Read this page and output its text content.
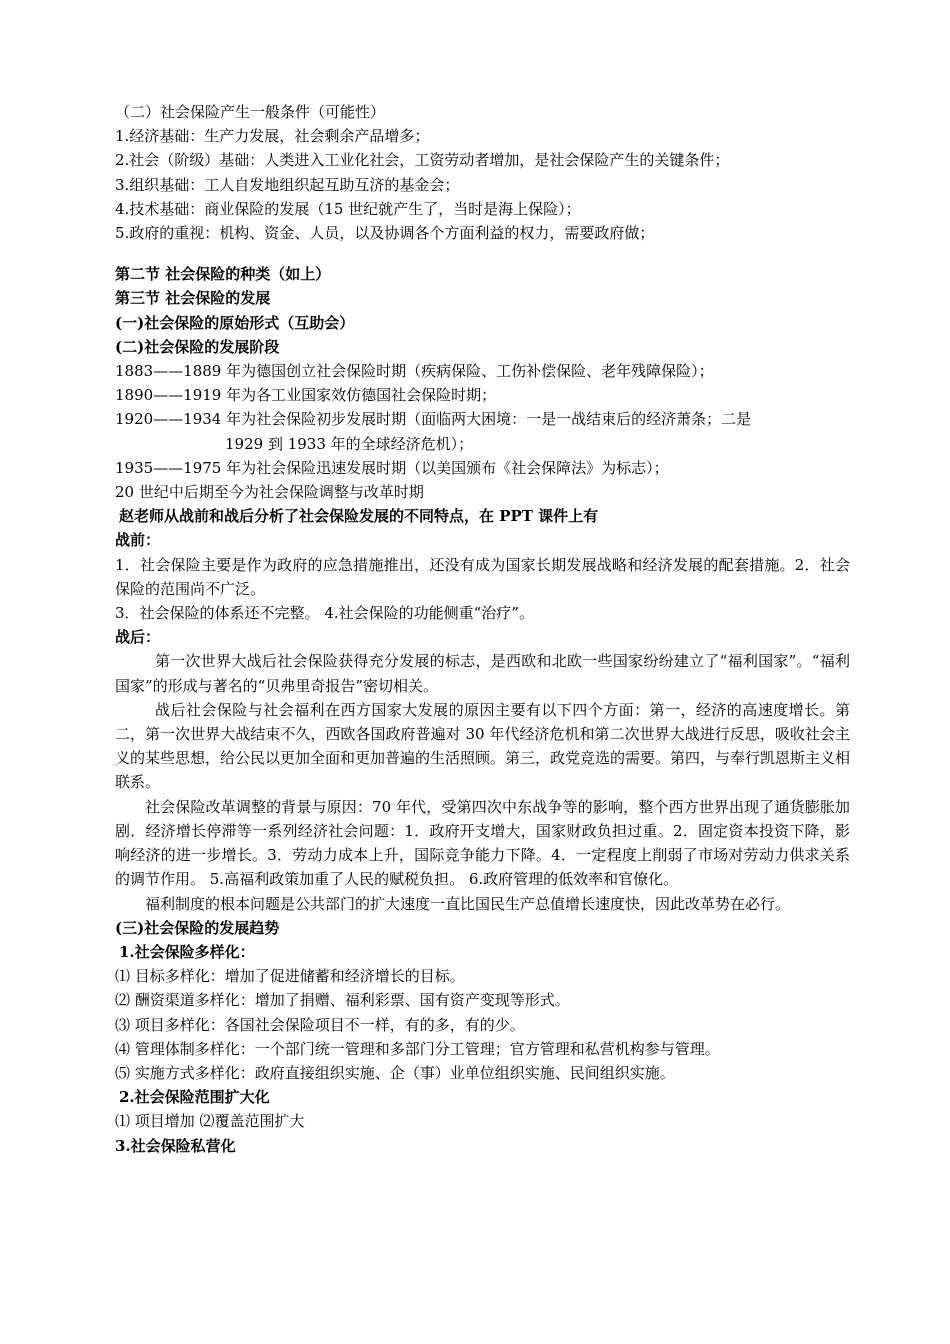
（二）社会保险产生一般条件（可能性）

1.经济基础：生产力发展，社会剩余产品增多；

2.社会（阶级）基础：人类进入工业化社会，工资劳动者增加，是社会保险产生的关键条件；

3.组织基础：工人自发地组织起互助互济的基金会；

4.技术基础：商业保险的发展（15 世纪就产生了，当时是海上保险）；

5.政府的重视：机构、资金、人员，以及协调各个方面利益的权力，需要政府做；

第二节 社会保险的种类（如上）

第三节 社会保险的发展

(一)社会保险的原始形式（互助会）

(二)社会保险的发展阶段

1883——1889 年为德国创立社会保险时期（疾病保险、工伤补偿保险、老年残障保险）；

1890——1919 年为各工业国家效仿德国社会保险时期；

1920——1934 年为社会保险初步发展时期（面临两大困境：一是一战结束后的经济萧条；二是

1929 到 1933 年的全球经济危机）；

1935——1975 年为社会保险迅速发展时期（以美国颁布《社会保障法》为标志）；

20 世纪中后期至今为社会保险调整与改革时期

赵老师从战前和战后分析了社会保险发展的不同特点，在 PPT 课件上有

战前：

1．社会保险主要是作为政府的应急措施推出，还没有成为国家长期发展战略和经济发展的配套措施。2．社会保险的范围尚不广泛。

3．社会保险的体系还不完整。 4.社会保险的功能侧重“治疗”。

战后：

第一次世界大战后社会保险获得充分发展的标志，是西欧和北欧一些国家纷纷建立了“福利国家”。“福利国家”的形成与著名的“贝弗里奇报告”密切相关。

战后社会保险与社会福利在西方国家大发展的原因主要有以下四个方面：第一，经济的高速度增长。第二，第一次世界大战结束不久，西欧各国政府普遍对 30 年代经济危机和第二次世界大战进行反思，吸收社会主义的某些思想，给公民以更加全面和更加普遍的生活照顾。第三，政党竞选的需要。第四，与奉行凯恩斯主义相联系。

社会保险改革调整的背景与原因：70 年代，受第四次中东战争等的影响，整个西方世界出现了通货膨胀加剧．经济增长停滞等一系列经济社会问题：1．政府开支增大，国家财政负担过重。2．固定资本投资下降，影响经济的进一步增长。3．劳动力成本上升，国际竞争能力下降。4．一定程度上削弱了市场对劳动力供求关系的调节作用。 5.高福利政策加重了人民的赋税负担。 6.政府管理的低效率和官僚化。

福利制度的根本问题是公共部门的扩大速度一直比国民生产总值增长速度快，因此改革势在必行。

(三)社会保险的发展趋势

1.社会保险多样化：

⑴ 目标多样化：增加了促进储蓄和经济增长的目标。

⑵ 酬资渠道多样化：增加了捐赠、福利彩票、国有资产变现等形式。

⑶ 项目多样化：各国社会保险项目不一样，有的多，有的少。

⑷ 管理体制多样化：一个部门统一管理和多部门分工管理；官方管理和私营机构参与管理。

⑸ 实施方式多样化：政府直接组织实施、企（事）业单位组织实施、民间组织实施。

2.社会保险范围扩大化

⑴ 项目增加 ⑵覆盖范围扩大

3.社会保险私营化
